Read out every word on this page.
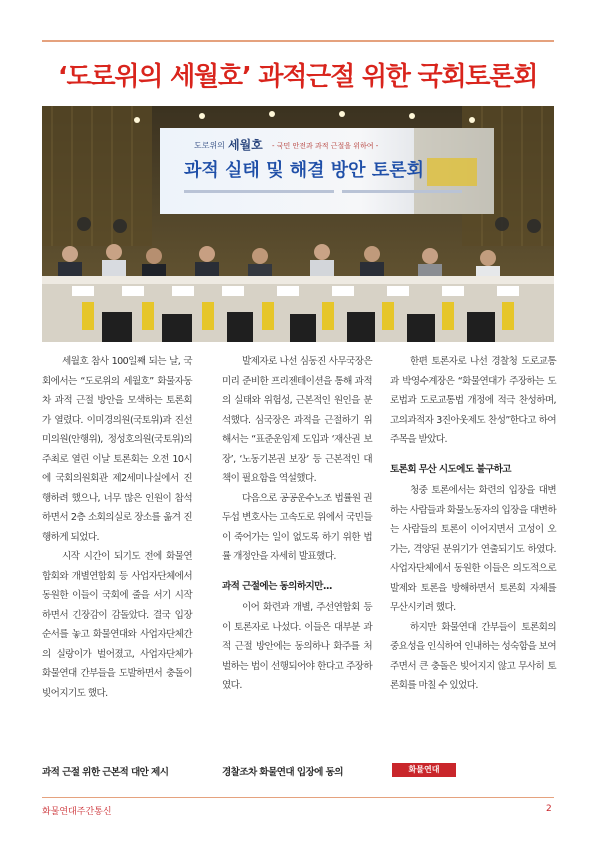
‘도로위의 세월호’ 과적근절 위한 국회토론회
도로위의 세월호 - 국민 안전과 과적 근절을 위하여 -
과적 실태 및 해결 방안 토론회

세월호 참사 100일째 되는 날, 국회에서는 “도로위의 세월호” 화물자동차 과적 근절 방안을 모색하는 토론회가 열렸다. 이미경의원(국토위)과 진선미의원(안행위), 정성호의원(국토위)의 주최로 열린 이날 토론회는 오전 10시에 국회의원회관 제2세미나실에서 진행하려 했으나, 너무 많은 인원이 참석하면서 2층 소회의실로 장소를 옮겨 진행하게 되었다.

시작 시간이 되기도 전에 화물연합회와 개별연합회 등 사업자단체에서 동원한 이들이 국회에 줄을 서기 시작하면서 긴장감이 감돌았다. 결국 입장 순서를 놓고 화물연대와 사업자단체간의 실랑이가 벌어졌고, 사업자단체가 화물연대 간부들을 도발하면서 충돌이 빚어지기도 했다.

발제자로 나선 심동진 사무국장은 미리 준비한 프리젠테이션을 통해 과적의 실태와 위험성, 근본적인 원인을 분석했다. 심국장은 과적을 근절하기 위해서는 “표준운임제 도입과 ‘재산권 보장’, ‘노동기본권 보장’ 등 근본적인 대책이 필요함을 역설했다.

다음으로 공공운수노조 법률원 권두섭 변호사는 고속도로 위에서 국민들이 죽어가는 일이 없도록 하기 위한 법률 개정안을 자세히 발표했다.

과적 근절에는 동의하지만...

이어 화련과 개별, 주선연합회 등이 토론자로 나섰다. 이들은 대부분 과적 근절 방안에는 동의하나 화주를 처벌하는 법이 선행되어야 한다고 주장하였다.

한편 토론자로 나선 경찰청 도로교통과 박영수계장은 “화물연대가 주장하는 도로법과 도로교통법 개정에 적극 찬성하며, 고의과적자 3진아웃제도 찬성”한다고 하여 주목을 받았다.

토론회 무산 시도에도 불구하고

청중 토론에서는 화련의 입장을 대변하는 사람들과 화물노동자의 입장을 대변하는 사람들의 토론이 이어지면서 고성이 오가는, 격양된 분위기가 연출되기도 하였다. 사업자단체에서 동원한 이들은 의도적으로 발제와 토론을 방해하면서 토론회 자체를 무산시키려 했다.

하지만 화물연대 간부들이 토론회의 중요성을 인식하여 인내하는 성숙함을 보여주면서 큰 충돌은 빚어지지 않고 무사히 토론회를 마칠 수 있었다.

과적 근절 위한 근본적 대안 제시	경찰조차 화물연대 입장에 동의	화물연대
화물연대주간통신	2
